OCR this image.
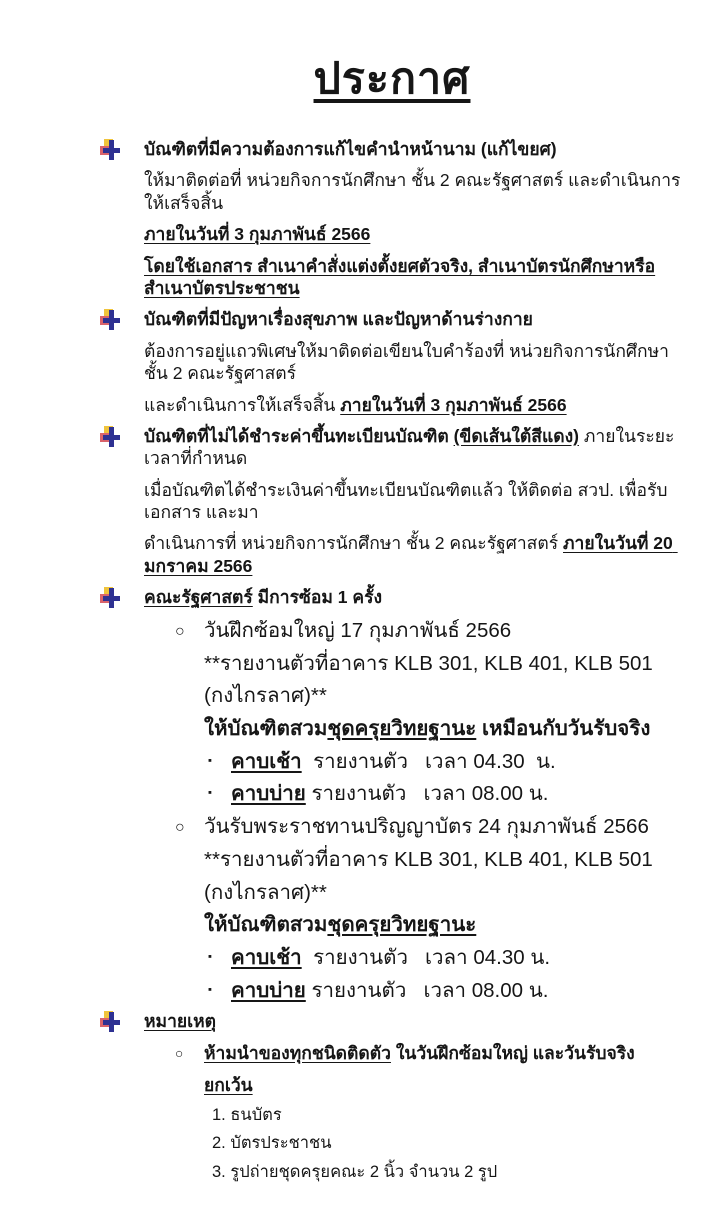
ประกาศ
บัณฑิตที่มีความต้องการแก้ไขคำนำหน้านาม (แก้ไขยศ)
ให้มาติดต่อที่ หน่วยกิจการนักศึกษา ชั้น 2 คณะรัฐศาสตร์ และดำเนินการให้เสร็จสิ้น
ภายในวันที่ 3 กุมภาพันธ์ 2566
โดยใช้เอกสาร สำเนาคำสั่งแต่งตั้งยศตัวจริง, สำเนาบัตรนักศึกษาหรือสำเนาบัตรประชาชน
บัณฑิตที่มีปัญหาเรื่องสุขภาพ และปัญหาด้านร่างกาย
ต้องการอยู่แถวพิเศษให้มาติดต่อเขียนใบคำร้องที่ หน่วยกิจการนักศึกษา ชั้น 2 คณะรัฐศาสตร์
และดำเนินการให้เสร็จสิ้น ภายในวันที่ 3 กุมภาพันธ์ 2566
บัณฑิตที่ไม่ได้ชำระค่าขึ้นทะเบียนบัณฑิต (ขีดเส้นใต้สีแดง) ภายในระยะเวลาที่กำหนด
เมื่อบัณฑิตได้ชำระเงินค่าขึ้นทะเบียนบัณฑิตแล้ว ให้ติดต่อ สวป. เพื่อรับเอกสาร และมา
ดำเนินการที่ หน่วยกิจการนักศึกษา ชั้น 2 คณะรัฐศาสตร์ ภายในวันที่ 20 มกราคม 2566
คณะรัฐศาสตร์ มีการซ้อม 1 ครั้ง
○ วันฝึกซ้อมใหญ่ 17 กุมภาพันธ์ 2566
**รายงานตัวที่อาคาร KLB 301, KLB 401, KLB 501
(กงไกรลาศ)**
ให้บัณฑิตสวมชุดครุยวิทยฐานะ เหมือนกับวันรับจริง
▪ คาบเช้า  รายงานตัว   เวลา 04.30  น.
▪ คาบบ่าย รายงานตัว   เวลา 08.00 น.
○ วันรับพระราชทานปริญญาบัตร 24 กุมภาพันธ์ 2566
**รายงานตัวที่อาคาร KLB 301, KLB 401, KLB 501
(กงไกรลาศ)**
ให้บัณฑิตสวมชุดครุยวิทยฐานะ
▪ คาบเช้า  รายงานตัว   เวลา 04.30 น.
▪ คาบบ่าย รายงานตัว   เวลา 08.00 น.
หมายเหตุ
○	ห้ามนำของทุกชนิดติดตัว ในวันฝึกซ้อมใหญ่ และวันรับจริง
ยกเว้น
1. ธนบัตร
2. บัตรประชาชน
3. รูปถ่ายชุดครุยคณะ 2 นิ้ว จำนวน 2 รูป
